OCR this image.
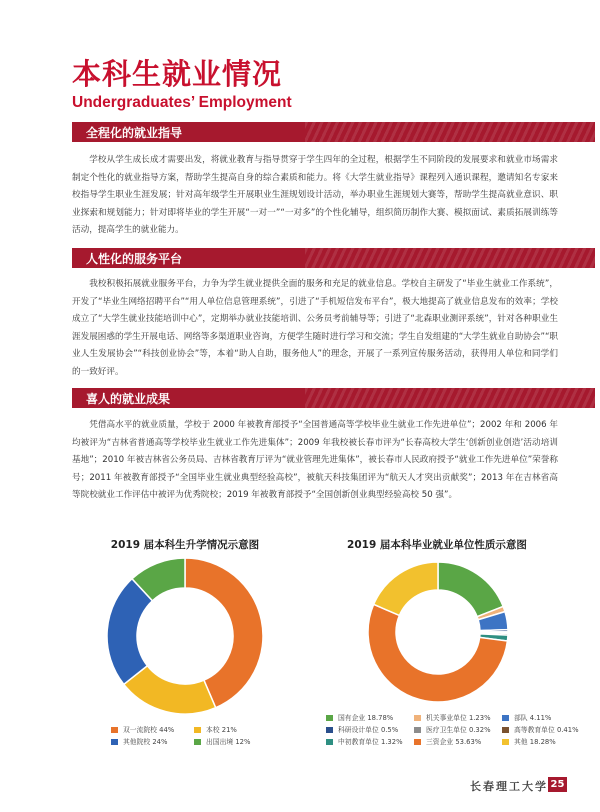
本科生就业情况
Undergraduates’ Employment
全程化的就业指导
学校从学生成长成才需要出发，将就业教育与指导贯穿于学生四年的全过程，根据学生不同阶段的发展要求和就业市场需求制定个性化的就业指导方案，帮助学生提高自身的综合素质和能力。将《大学生就业指导》课程列入通识课程，邀请知名专家来校指导学生职业生涯发展；针对高年级学生开展职业生涯规划设计活动，举办职业生涯规划大赛等，帮助学生提高就业意识、职业探索和规划能力；针对即将毕业的学生开展“一对一”“一对多”的个性化辅导，组织简历制作大赛、模拟面试、素质拓展训练等活动，提高学生的就业能力。
人性化的服务平台
我校积极拓展就业服务平台，力争为学生就业提供全面的服务和充足的就业信息。学校自主研发了“毕业生就业工作系统”，开发了“毕业生网络招聘平台”“用人单位信息管理系统”，引进了“手机短信发布平台”，极大地提高了就业信息发布的效率；学校成立了“大学生就业技能培训中心”，定期举办就业技能培训、公务员考前辅导等；引进了“北森职业测评系统”，针对各种职业生涯发展困惑的学生开展电话、网络等多渠道职业咨询，方便学生随时进行学习和交流；学生自发组建的“大学生就业自助协会”“职业人生发展协会”“科技创业协会”等，本着“助人自助，服务他人”的理念，开展了一系列宣传服务活动，获得用人单位和同学们的一致好评。
喜人的就业成果
凭借高水平的就业质量，学校于 2000 年被教育部授予“全国普通高等学校毕业生就业工作先进单位”；2002 年和 2006 年均被评为“吉林省普通高等学校毕业生就业工作先进集体”；2009 年我校被长春市评为“长春高校大学生‘创新创业创造’活动培训基地”；2010 年被吉林省公务员局、吉林省教育厅评为“就业管理先进集体”，被长春市人民政府授予“就业工作先进单位”荣誉称号；2011 年被教育部授予“全国毕业生就业典型经验高校”，被航天科技集团评为“航天人才突出贡献奖”；2013 年在吉林省高等院校就业工作评估中被评为优秀院校；2019 年被教育部授予“全国创新创业典型经验高校 50 强”。
2019 届本科生升学情况示意图
双一流院校 44%	本校 21%
其他院校 24%	出国出境 12%
2019 届本科毕业就业单位性质示意图
国有企业 18.78%	机关事业单位 1.23%	部队 4.11%
科研设计单位 0.5%	医疗卫生单位 0.32%	高等教育单位 0.41%
中初教育单位 1.32%	三资企业 53.63%	其他 18.28%
长春理工大学 25
